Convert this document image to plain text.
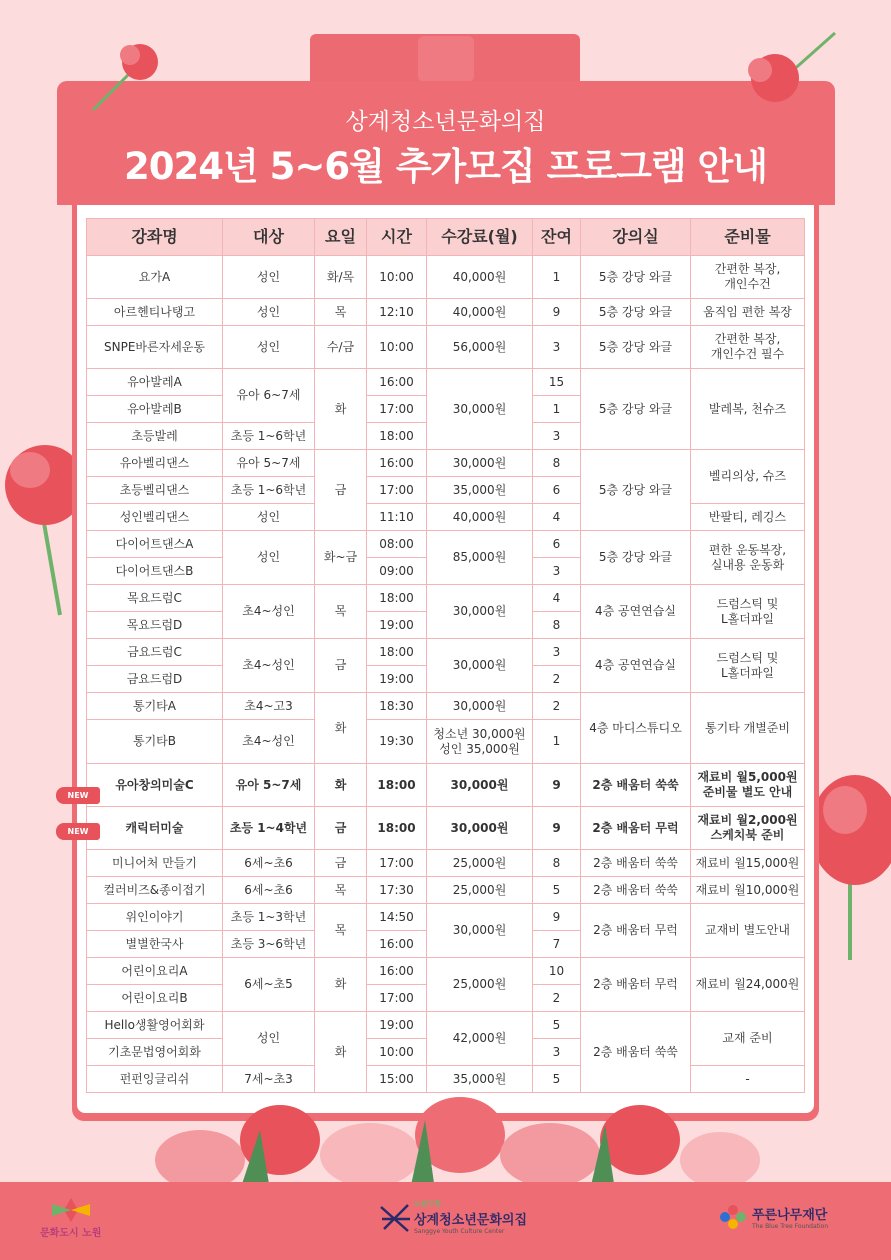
상계청소년문화의집
2024년 5~6월 추가모집 프로그램 안내
강좌명	대상	요일	시간	수강료(월)	잔여	강의실	준비물
요가A	성인	화/목	10:00	40,000원	1	5층 강당 와글	간편한 복장,
개인수건
아르헨티나탱고	성인	목	12:10	40,000원	9	5층 강당 와글	움직임 편한 복장
SNPE바른자세운동	성인	수/금	10:00	56,000원	3	5층 강당 와글	간편한 복장,
개인수건 필수
유아발레A	유아 6~7세	화	16:00	30,000원	15	5층 강당 와글	발레복, 천슈즈
유아발레B			17:00		1		
초등발레	초등 1~6학년		18:00		3		
유아벨리댄스	유아 5~7세	금	16:00	30,000원	8	5층 강당 와글	벨리의상, 슈즈
초등벨리댄스	초등 1~6학년		17:00	35,000원	6		
성인벨리댄스	성인		11:10	40,000원	4		반팔티, 레깅스
다이어트댄스A	성인	화~금	08:00	85,000원	6	5층 강당 와글	편한 운동복장,
실내용 운동화
다이어트댄스B			09:00		3		
목요드럼C	초4~성인	목	18:00	30,000원	4	4층 공연연습실	드럼스틱 및
L홀더파일
목요드럼D			19:00		8		
금요드럼C	초4~성인	금	18:00	30,000원	3	4층 공연연습실	드럼스틱 및
L홀더파일
금요드럼D			19:00		2		
통기타A	초4~고3	화	18:30	30,000원	2	4층 마디스튜디오	통기타 개별준비
통기타B	초4~성인		19:30	청소년 30,000원
성인 35,000원	1		
유아창의미술C	유아 5~7세	화	18:00	30,000원	9	2층 배움터 쑥쑥	재료비 월5,000원
준비물 별도 안내
캐릭터미술	초등 1~4학년	금	18:00	30,000원	9	2층 배움터 무럭	재료비 월2,000원
스케치북 준비
미니어처 만들기	6세~초6	금	17:00	25,000원	8	2층 배움터 쑥쑥	재료비 월15,000원
컬러비즈&종이접기	6세~초6	목	17:30	25,000원	5	2층 배움터 쑥쑥	재료비 월10,000원
위인이야기	초등 1~3학년	목	14:50	30,000원	9	2층 배움터 무럭	교재비 별도안내
별별한국사	초등 3~6학년		16:00		7		
어린이요리A	6세~초5	화	16:00	25,000원	10	2층 배움터 무럭	재료비 월24,000원
어린이요리B			17:00		2		
Hello생활영어회화	성인	화	19:00	42,000원	5	2층 배움터 쑥쑥	교재 준비
기초문법영어회화			10:00		3		
펀펀잉글리쉬	7세~초3		15:00	35,000원	5		-
NEW
NEW
문화도시 노원
노원구청
상계청소년문화의집
Sanggye Youth Culture Center
푸른나무재단
The Blue Tree Foundation
